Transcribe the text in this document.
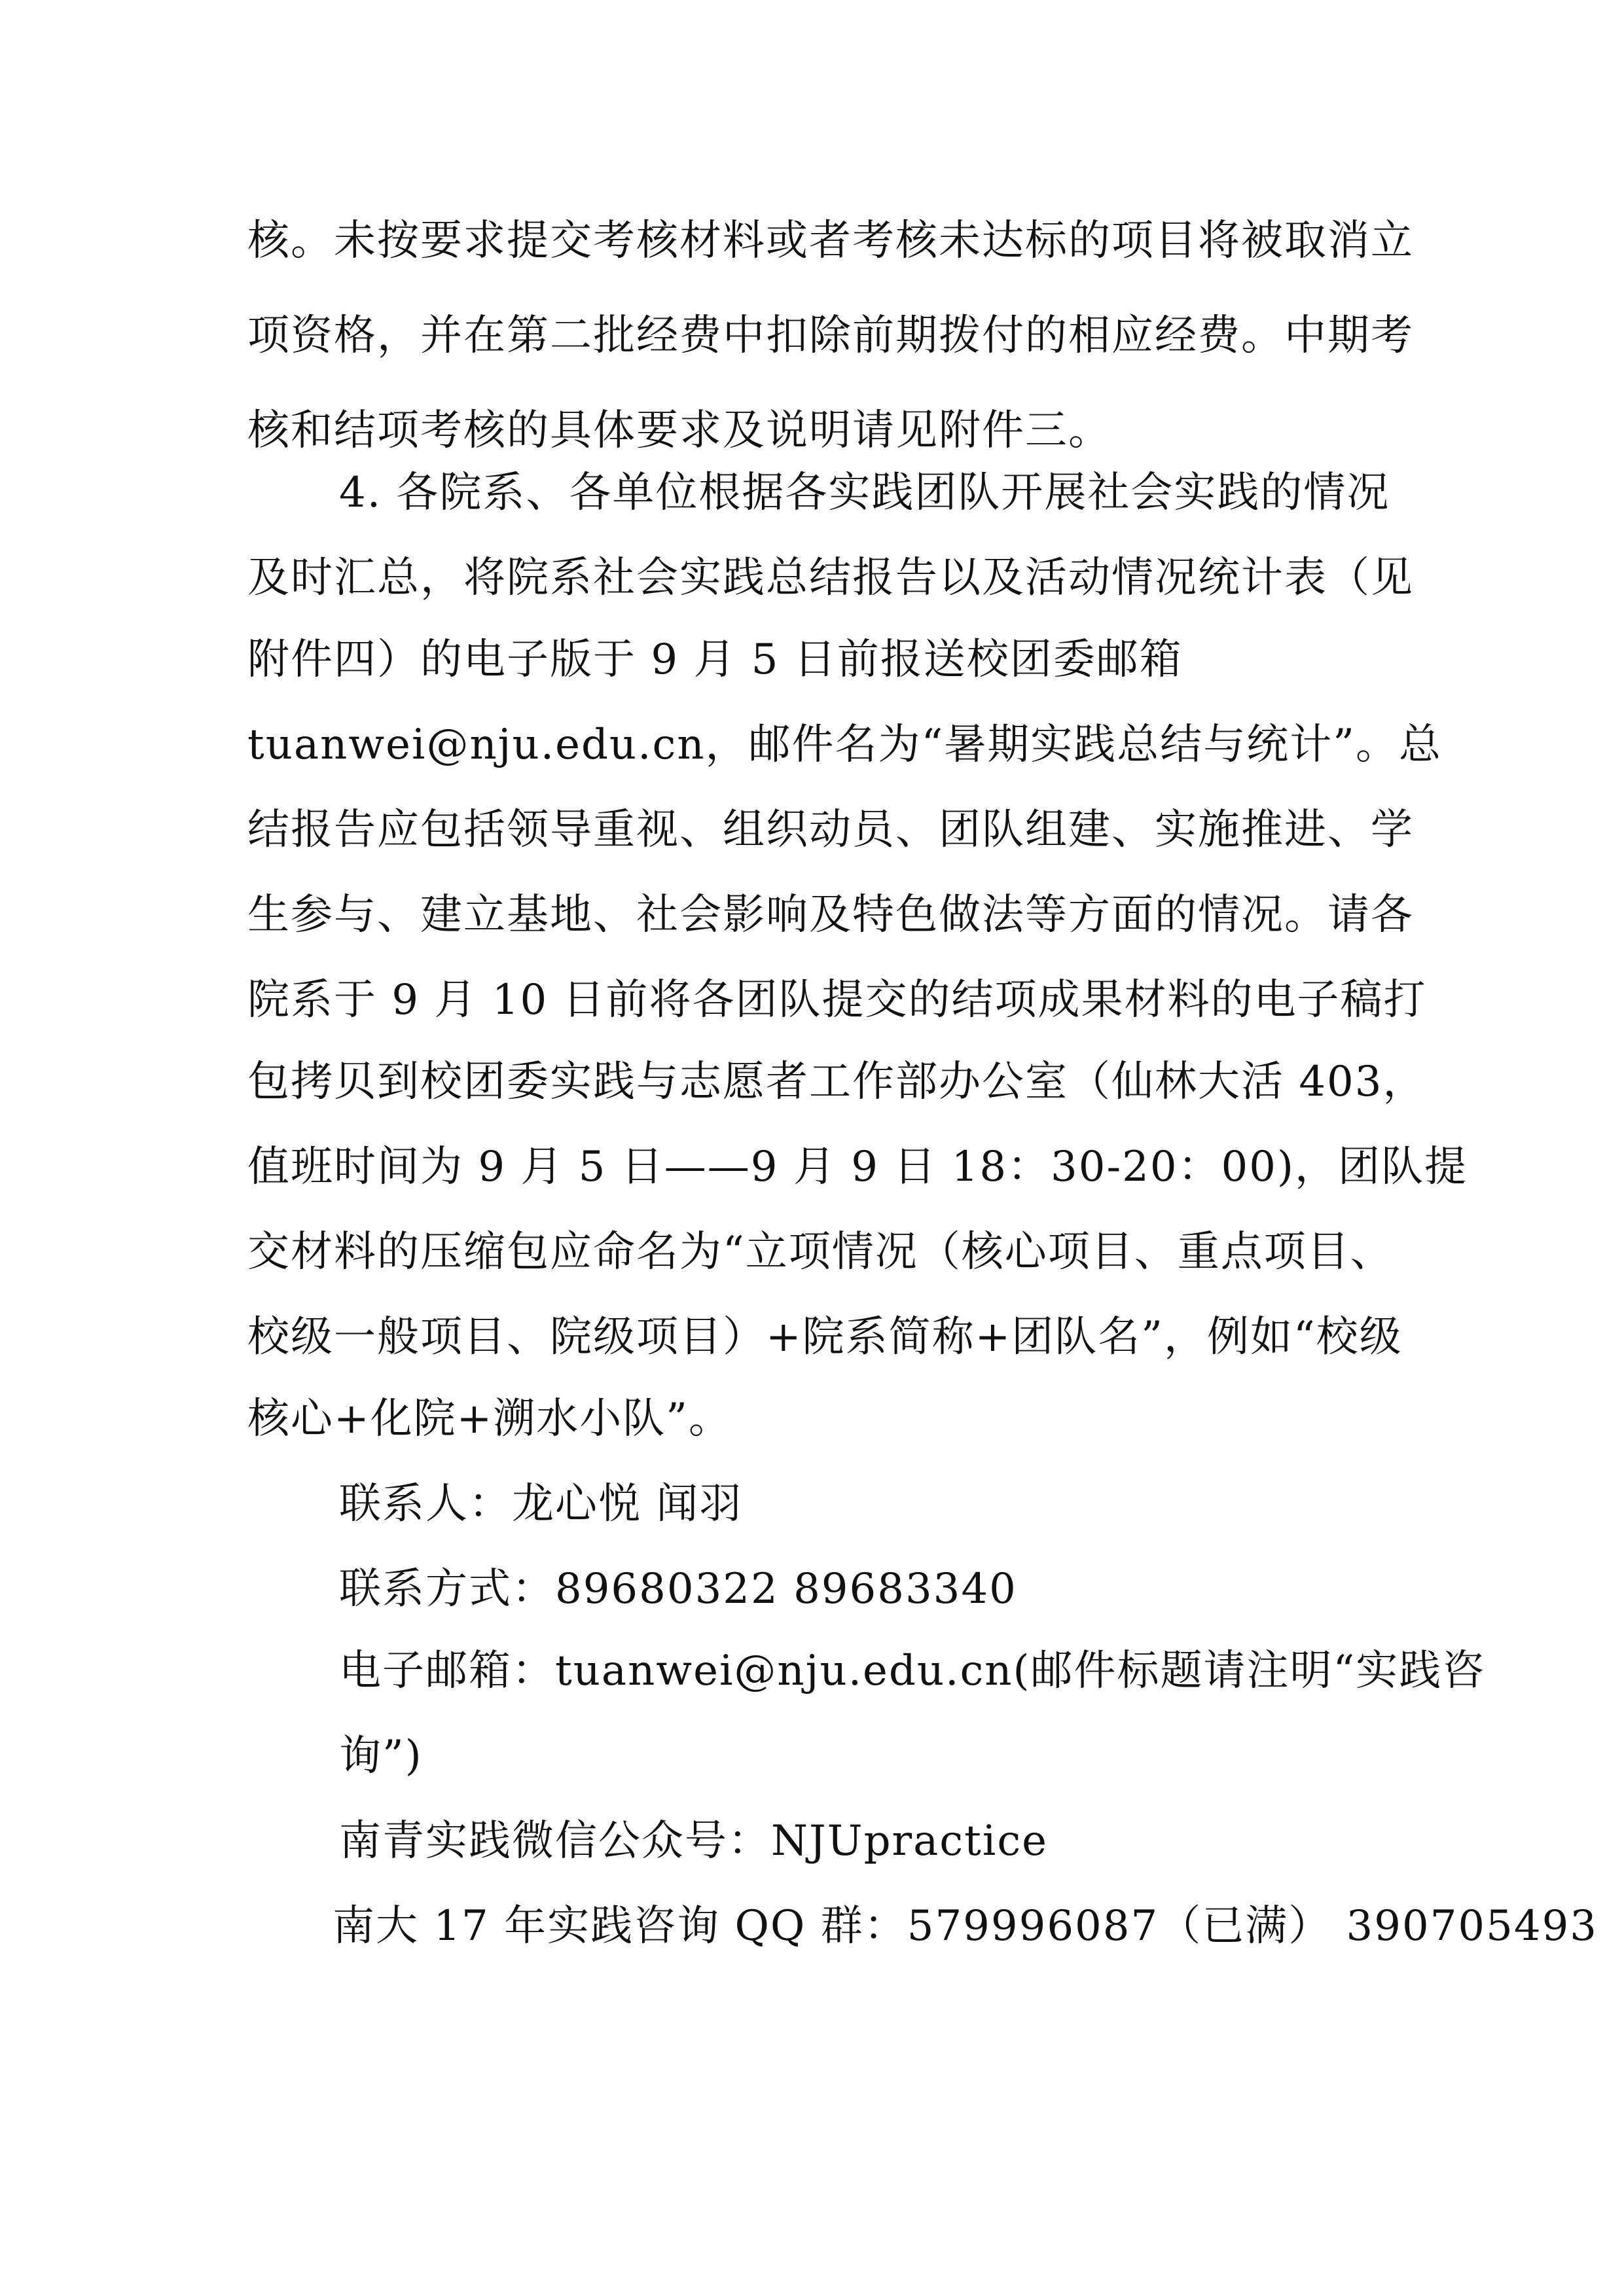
核。未按要求提交考核材料或者考核未达标的项目将被取消立
项资格，并在第二批经费中扣除前期拨付的相应经费。中期考
核和结项考核的具体要求及说明请见附件三。
4. 各院系、各单位根据各实践团队开展社会实践的情况
及时汇总，将院系社会实践总结报告以及活动情况统计表（见
附件四）的电子版于 9 月 5 日前报送校团委邮箱
tuanwei@nju.edu.cn，邮件名为“暑期实践总结与统计”。总
结报告应包括领导重视、组织动员、团队组建、实施推进、学
生参与、建立基地、社会影响及特色做法等方面的情况。请各
院系于 9 月 10 日前将各团队提交的结项成果材料的电子稿打
包拷贝到校团委实践与志愿者工作部办公室（仙林大活 403，
值班时间为 9 月 5 日——9 月 9 日 18：30-20：00)，团队提
交材料的压缩包应命名为“立项情况（核心项目、重点项目、
校级一般项目、院级项目）+院系简称+团队名”，例如“校级
核心+化院+溯水小队”。
联系人：龙心悦 闻羽
联系方式：89680322 89683340
电子邮箱：tuanwei@nju.edu.cn(邮件标题请注明“实践咨
询”)
南青实践微信公众号：NJUpractice
南大 17 年实践咨询 QQ 群：579996087（已满） 390705493
